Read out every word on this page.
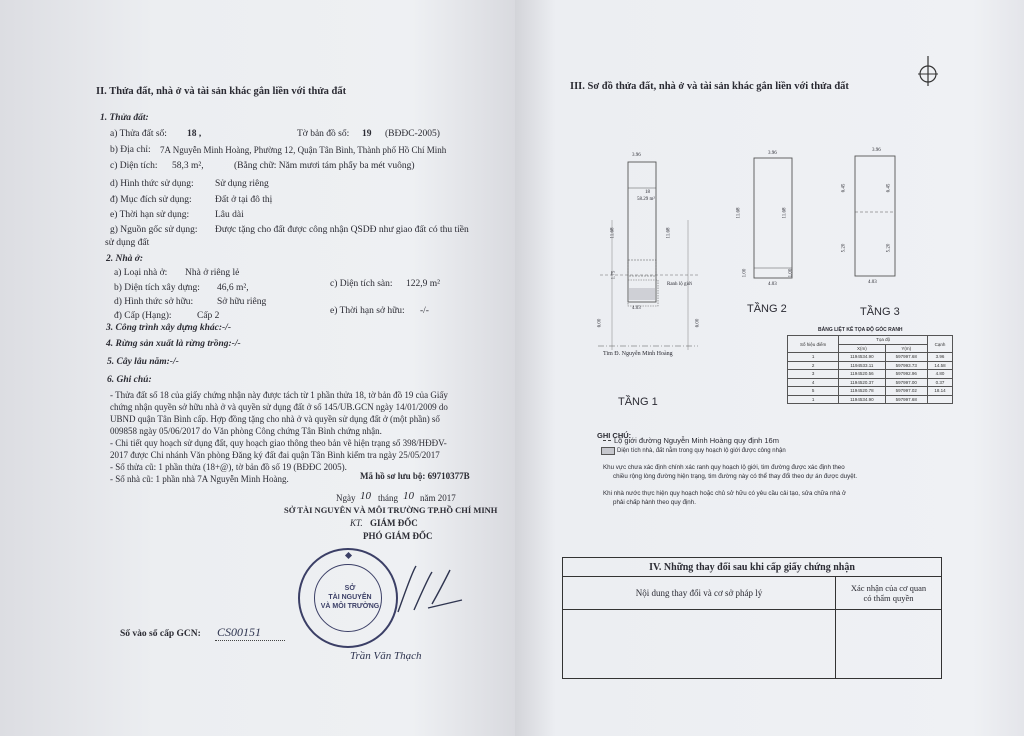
II. Thửa đất, nhà ở và tài sản khác gắn liền với thửa đất
1. Thửa đất:
a) Thửa đất số: 18 ,	Tờ bản đồ số: 19 (BĐĐC-2005)
b) Địa chỉ: 7A Nguyễn Minh Hoàng, Phường 12, Quận Tân Bình, Thành phố Hồ Chí Minh
c) Diện tích: 58,3 m²,	(Bằng chữ: Năm mươi tám phẩy ba mét vuông)
d) Hình thức sử dụng: Sử dụng riêng
đ) Mục đích sử dụng: Đất ở tại đô thị
e) Thời hạn sử dụng:	Lâu dài
g) Nguồn gốc sử dụng: Được tặng cho đất được công nhận QSDĐ như giao đất có thu tiền
sử dụng đất
2. Nhà ở:
a) Loại nhà ở: Nhà ở riêng lẻ
b) Diện tích xây dựng: 46,6 m²,	c) Diện tích sàn: 122,9 m²
d) Hình thức sở hữu:	Sở hữu riêng
đ) Cấp (Hạng):	Cấp 2	e) Thời hạn sở hữu: -/-
3. Công trình xây dựng khác:-/-
4. Rừng sản xuất là rừng trồng:-/-
5. Cây lâu năm:-/-
6. Ghi chú:
- Thửa đất số 18 của giấy chứng nhận này được tách từ 1 phần thửa 18, tờ bản đồ 19 của Giấy
chứng nhận quyền sở hữu nhà ở và quyền sử dụng đất ở số 145/UB.GCN ngày 14/01/2009 do
UBND quận Tân Bình cấp. Hợp đồng tặng cho nhà ở và quyền sử dụng đất ở (một phần) số
009858 ngày 05/06/2017 do Văn phòng Công chứng Tân Bình chứng nhận.
- Chi tiết quy hoạch sử dụng đất, quy hoạch giao thông theo bản vẽ hiện trạng số 398/HĐĐV-
2017 được Chi nhánh Văn phòng Đăng ký đất đai quận Tân Bình kiểm tra ngày 25/05/2017
- Số thửa cũ: 1 phần thửa (18+@), tờ bản đồ số 19 (BĐĐC 2005).
- Số nhà cũ: 1 phần nhà 7A Nguyễn Minh Hoàng.	Mã hồ sơ lưu bộ: 69710377B
Ngày 10 tháng 10 năm 2017
SỞ TÀI NGUYÊN VÀ MÔI TRƯỜNG TP.HỒ CHÍ MINH
KT. GIÁM ĐỐC
PHÓ GIÁM ĐỐC
SỞ
TÀI NGUYÊN
VÀ MÔI TRƯỜNG
Số vào sổ cấp GCN: CS00151
Trần Văn Thạch
III. Sơ đồ thửa đất, nhà ở và tài sản khác gắn liền với thửa đất
3.96
18
58.29 m²
11.68	11.68
1.75
Ranh lộ giới
4.03
6.00	6.00
Tim Đ. Nguyễn Minh Hoàng
TẦNG 1
3.96
11.68	11.68
1.00	1.00
4.03
TẦNG 2
3.96
6.45	6.45
5.20	5.20
4.03
TẦNG 3
BẢNG LIỆT KÊ TỌA ĐỘ GÓC RANH
Số hiệu điểm	Tọa độ		Cạnh
	X(m)	Y(m)	
1	1194534.90	597997.68	3.96
2	1194533.11	597993.73	14.58
3	1194520.56	597992.96	4.80
4	1194520.37	597997.00	0.37
5	1194520.78	597997.02	18.14
1	1194534.90	597997.68	
GHI CHÚ:
Lộ giới đường Nguyễn Minh Hoàng quy định 16m
Diện tích nhà, đất nằm trong quy hoạch lộ giới được công nhận
Khu vực chưa xác định chính xác ranh quy hoạch lộ giới, tim đường được xác định theo
chiều rộng lòng đường hiện trạng, tim đường này có thể thay đổi theo dự án được duyệt.
Khi nhà nước thực hiện quy hoạch hoặc chủ sở hữu có yêu cầu cải tạo, sửa chữa nhà ở
phải chấp hành theo quy định.
IV. Những thay đổi sau khi cấp giấy chứng nhận	
Nội dung thay đổi và cơ sở pháp lý	Xác nhận của cơ quan
có thẩm quyền
